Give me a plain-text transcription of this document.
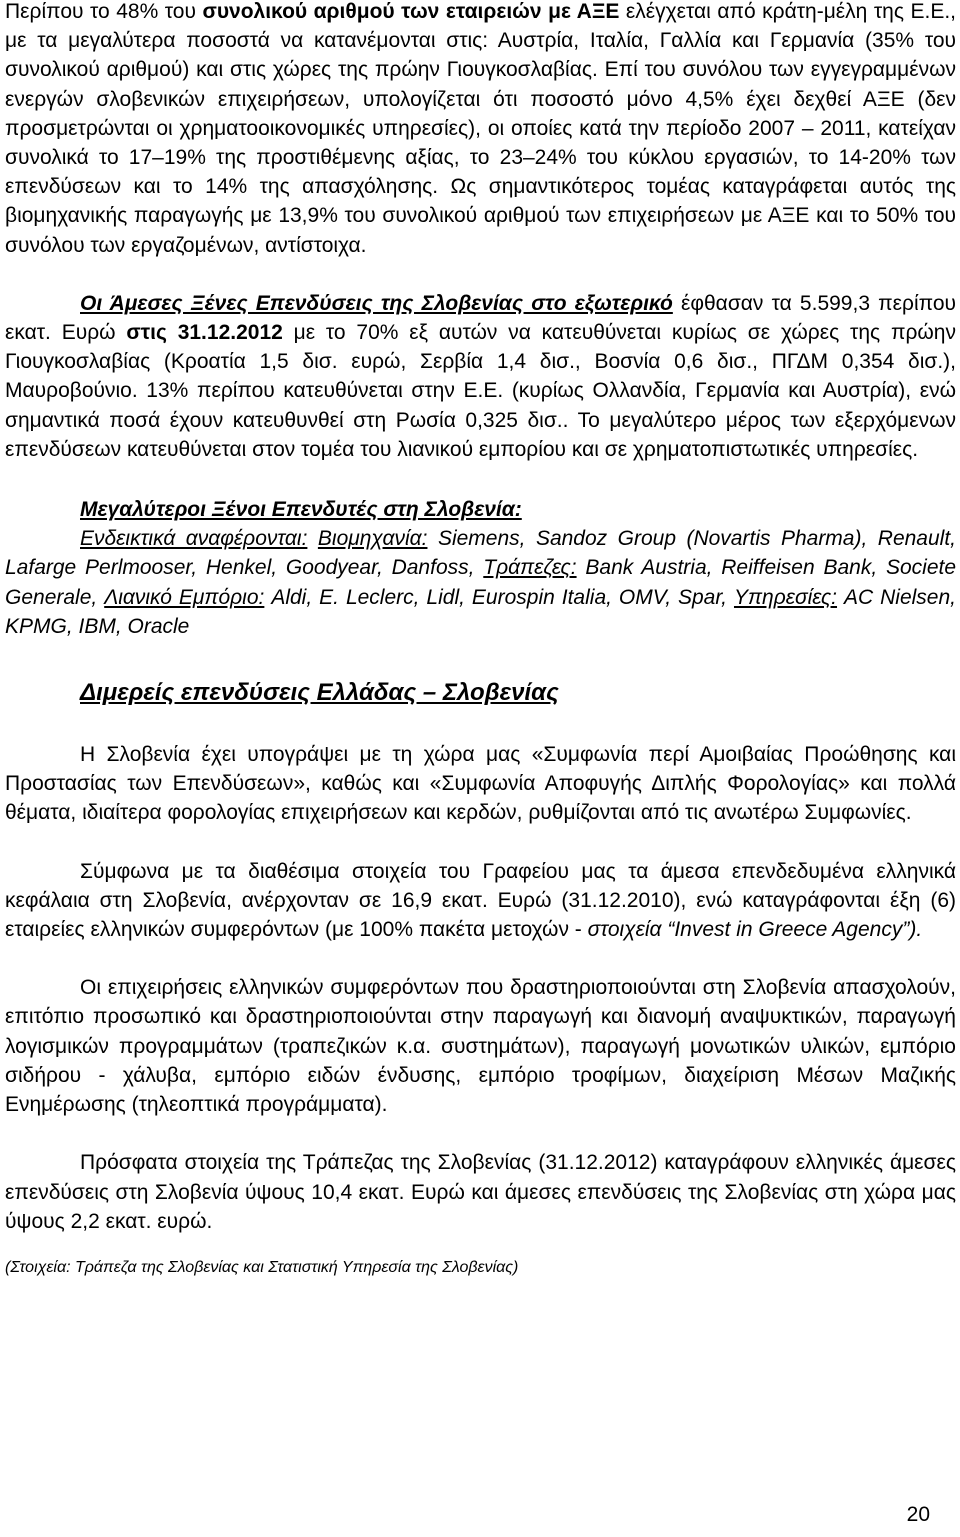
Περίπου το 48% του συνολικού αριθμού των εταιρειών με ΑΞΕ ελέγχεται από κράτη-μέλη της Ε.Ε., με τα μεγαλύτερα ποσοστά να κατανέμονται στις: Αυστρία, Ιταλία, Γαλλία και Γερμανία (35% του συνολικού αριθμού) και στις χώρες της πρώην Γιουγκοσλαβίας. Επί του συνόλου των εγγεγραμμένων ενεργών σλοβενικών επιχειρήσεων, υπολογίζεται ότι ποσοστό μόνο 4,5% έχει δεχθεί ΑΞΕ (δεν προσμετρώνται οι χρηματοοικονομικές υπηρεσίες), οι οποίες κατά την περίοδο 2007 – 2011, κατείχαν συνολικά το 17–19% της προστιθέμενης αξίας, το 23–24% του κύκλου εργασιών, το 14-20% των επενδύσεων και το 14% της απασχόλησης. Ως σημαντικότερος τομέας καταγράφεται αυτός της βιομηχανικής παραγωγής με 13,9% του συνολικού αριθμού των επιχειρήσεων με ΑΞΕ και το 50% του συνόλου των εργαζομένων, αντίστοιχα.

Οι Άμεσες Ξένες Επενδύσεις της Σλοβενίας στο εξωτερικό έφθασαν τα 5.599,3 περίπου εκατ. Ευρώ στις 31.12.2012 με το 70% εξ αυτών να κατευθύνεται κυρίως σε χώρες της πρώην Γιουγκοσλαβίας (Κροατία 1,5 δισ. ευρώ, Σερβία 1,4 δισ., Βοσνία 0,6 δισ., ΠΓΔΜ 0,354 δισ.), Μαυροβούνιο. 13% περίπου κατευθύνεται στην Ε.Ε. (κυρίως Ολλανδία, Γερμανία και Αυστρία), ενώ σημαντικά ποσά έχουν κατευθυνθεί στη Ρωσία 0,325 δισ.. Το μεγαλύτερο μέρος των εξερχόμενων επενδύσεων κατευθύνεται στον τομέα του λιανικού εμπορίου και σε χρηματοπιστωτικές υπηρεσίες.

Μεγαλύτεροι Ξένοι Επενδυτές στη Σλοβενία:

Ενδεικτικά αναφέρονται: Βιομηχανία: Siemens, Sandoz Group (Novartis Pharma), Renault, Lafarge Perlmooser, Henkel, Goodyear, Danfoss, Τράπεζες: Bank Austria, Reiffeisen Bank, Societe Generale, Λιανικό Εμπόριο: Aldi, E. Leclerc, Lidl, Eurospin Italia, OMV, Spar, Υπηρεσίες: AC Nielsen, KPMG, IBM, Oracle

Διμερείς επενδύσεις Ελλάδας – Σλοβενίας

Η Σλοβενία έχει υπογράψει με τη χώρα μας «Συμφωνία περί Αμοιβαίας Προώθησης και Προστασίας των Επενδύσεων», καθώς και «Συμφωνία Αποφυγής Διπλής Φορολογίας» και πολλά θέματα, ιδιαίτερα φορολογίας επιχειρήσεων και κερδών, ρυθμίζονται από τις ανωτέρω Συμφωνίες.

Σύμφωνα με τα διαθέσιμα στοιχεία του Γραφείου μας τα άμεσα επενδεδυμένα ελληνικά κεφάλαια στη Σλοβενία, ανέρχονταν σε 16,9 εκατ. Ευρώ (31.12.2010), ενώ καταγράφονται έξη (6) εταιρείες ελληνικών συμφερόντων (με 100% πακέτα μετοχών - στοιχεία “Invest in Greece Agency”).

Οι επιχειρήσεις ελληνικών συμφερόντων που δραστηριοποιούνται στη Σλοβενία απασχολούν, επιτόπιο προσωπικό και δραστηριοποιούνται στην παραγωγή και διανομή αναψυκτικών, παραγωγή λογισμικών προγραμμάτων (τραπεζικών κ.α. συστημάτων), παραγωγή μονωτικών υλικών, εμπόριο σιδήρου - χάλυβα, εμπόριο ειδών ένδυσης, εμπόριο τροφίμων, διαχείριση Μέσων Μαζικής Ενημέρωσης (τηλεοπτικά προγράμματα).

Πρόσφατα στοιχεία της Τράπεζας της Σλοβενίας (31.12.2012) καταγράφουν ελληνικές άμεσες επενδύσεις στη Σλοβενία ύψους 10,4 εκατ. Ευρώ και άμεσες επενδύσεις της Σλοβενίας στη χώρα μας ύψους 2,2 εκατ. ευρώ.

(Στοιχεία: Τράπεζα της Σλοβενίας και Στατιστική Υπηρεσία της Σλοβενίας)

20
